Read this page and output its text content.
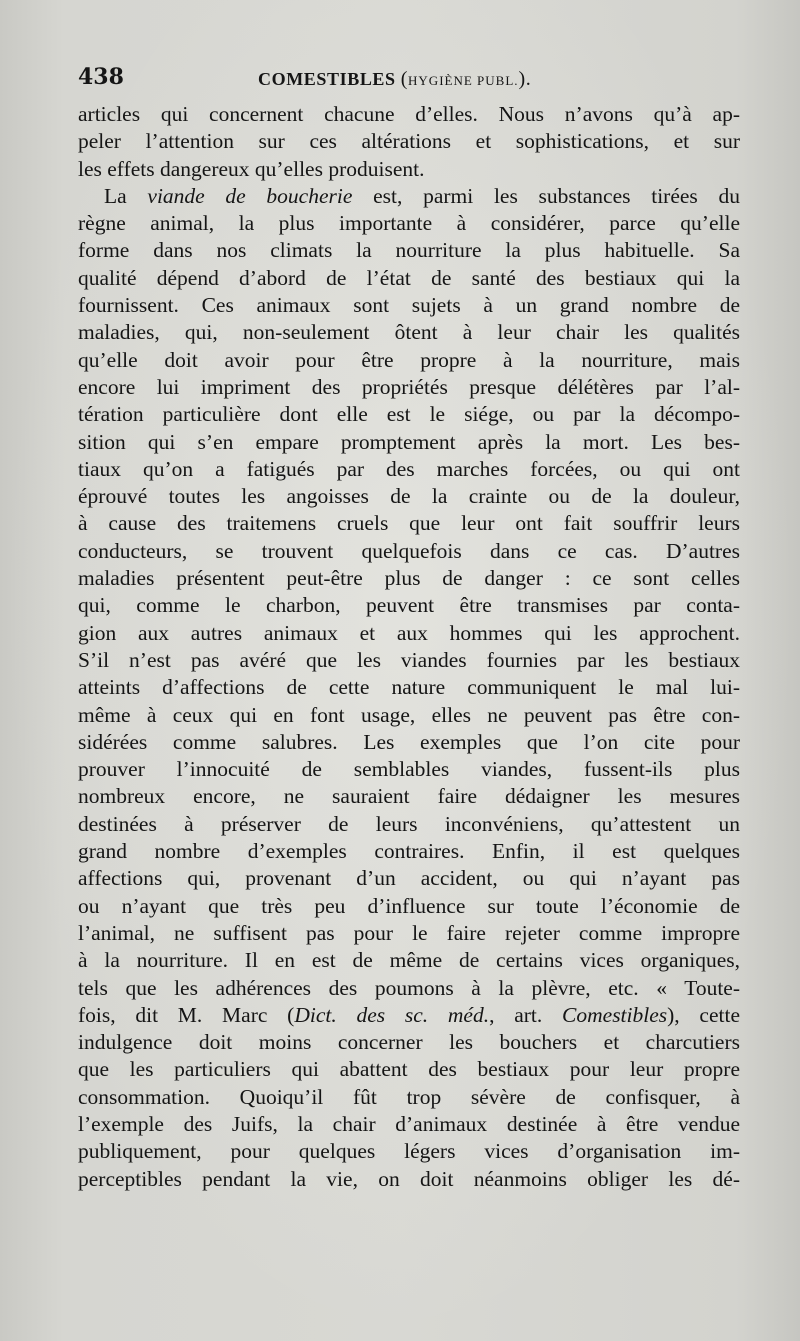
438	COMESTIBLES (HYGIÈNE PUBL.).
articles qui concernent chacune d’elles. Nous n’avons qu’à ap-
peler l’attention sur ces altérations et sophistications, et sur
les effets dangereux qu’elles produisent.
La viande de boucherie est, parmi les substances tirées du
règne animal, la plus importante à considérer, parce qu’elle
forme dans nos climats la nourriture la plus habituelle. Sa
qualité dépend d’abord de l’état de santé des bestiaux qui la
fournissent. Ces animaux sont sujets à un grand nombre de
maladies, qui, non-seulement ôtent à leur chair les qualités
qu’elle doit avoir pour être propre à la nourriture, mais
encore lui impriment des propriétés presque délétères par l’al-
tération particulière dont elle est le siége, ou par la décompo-
sition qui s’en empare promptement après la mort. Les bes-
tiaux qu’on a fatigués par des marches forcées, ou qui ont
éprouvé toutes les angoisses de la crainte ou de la douleur,
à cause des traitemens cruels que leur ont fait souffrir leurs
conducteurs, se trouvent quelquefois dans ce cas. D’autres
maladies présentent peut-être plus de danger : ce sont celles
qui, comme le charbon, peuvent être transmises par conta-
gion aux autres animaux et aux hommes qui les approchent.
S’il n’est pas avéré que les viandes fournies par les bestiaux
atteints d’affections de cette nature communiquent le mal lui-
même à ceux qui en font usage, elles ne peuvent pas être con-
sidérées comme salubres. Les exemples que l’on cite pour
prouver l’innocuité de semblables viandes, fussent-ils plus
nombreux encore, ne sauraient faire dédaigner les mesures
destinées à préserver de leurs inconvéniens, qu’attestent un
grand nombre d’exemples contraires. Enfin, il est quelques
affections qui, provenant d’un accident, ou qui n’ayant pas
ou n’ayant que très peu d’influence sur toute l’économie de
l’animal, ne suffisent pas pour le faire rejeter comme impropre
à la nourriture. Il en est de même de certains vices organiques,
tels que les adhérences des poumons à la plèvre, etc. « Toute-
fois, dit M. Marc (Dict. des sc. méd., art. Comestibles), cette
indulgence doit moins concerner les bouchers et charcutiers
que les particuliers qui abattent des bestiaux pour leur propre
consommation. Quoiqu’il fût trop sévère de confisquer, à
l’exemple des Juifs, la chair d’animaux destinée à être vendue
publiquement, pour quelques légers vices d’organisation im-
perceptibles pendant la vie, on doit néanmoins obliger les dé-
